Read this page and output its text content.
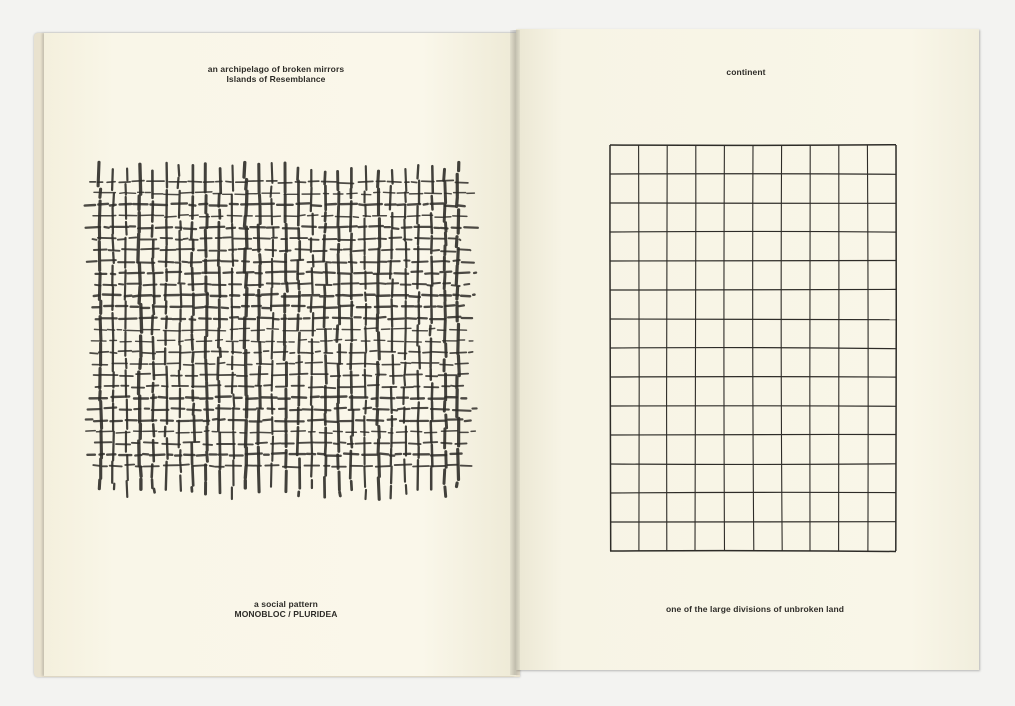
an archipelago of broken mirrors
Islands of Resemblance
a social pattern
MONOBLOC / PLURIDEA
continent
one of the large divisions of unbroken land
